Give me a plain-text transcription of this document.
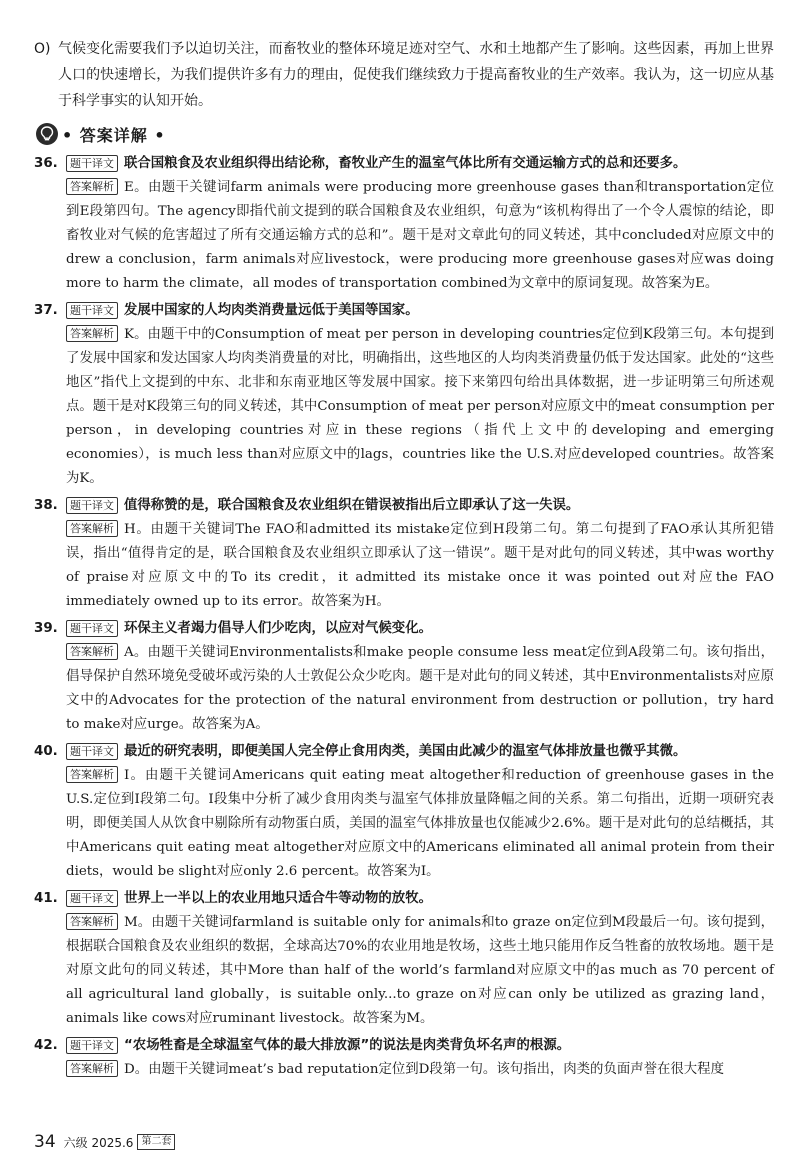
O) 气候变化需要我们予以迫切关注，而畜牧业的整体环境足迹对空气、水和土地都产生了影响。这些因素，再加上世界人口的快速增长，为我们提供许多有力的理由，促使我们继续致力于提高畜牧业的生产效率。我认为，这一切应从基于科学事实的认知开始。
• 答案详解 •
36.	题干译文 联合国粮食及农业组织得出结论称，畜牧业产生的温室气体比所有交通运输方式的总和还要多。
答案解析 E。由题干关键词farm animals were producing more greenhouse gases than和transportation定位到E段第四句。The agency即指代前文提到的联合国粮食及农业组织，句意为“该机构得出了一个令人震惊的结论，即畜牧业对气候的危害超过了所有交通运输方式的总和”。题干是对文章此句的同义转述，其中concluded对应原文中的drew a conclusion，farm animals对应livestock，were producing more greenhouse gases对应was doing more to harm the climate，all modes of transportation combined为文章中的原词复现。故答案为E。
37.	题干译文 发展中国家的人均肉类消费量远低于美国等国家。
答案解析 K。由题干中的Consumption of meat per person in developing countries定位到K段第三句。本句提到了发展中国家和发达国家人均肉类消费量的对比，明确指出，这些地区的人均肉类消费量仍低于发达国家。此处的“这些地区”指代上文提到的中东、北非和东南亚地区等发展中国家。接下来第四句给出具体数据，进一步证明第三句所述观点。题干是对K段第三句的同义转述，其中Consumption of meat per person对应原文中的meat consumption per person，in developing countries对应in these regions（指代上文中的developing and emerging economies），is much less than对应原文中的lags，countries like the U.S.对应developed countries。故答案为K。
38.	题干译文 值得称赞的是，联合国粮食及农业组织在错误被指出后立即承认了这一失误。
答案解析 H。由题干关键词The FAO和admitted its mistake定位到H段第二句。第二句提到了FAO承认其所犯错误，指出“值得肯定的是，联合国粮食及农业组织立即承认了这一错误”。题干是对此句的同义转述，其中was worthy of praise对应原文中的To its credit，it admitted its mistake once it was pointed out对应the FAO immediately owned up to its error。故答案为H。
39.	题干译文 环保主义者竭力倡导人们少吃肉，以应对气候变化。
答案解析 A。由题干关键词Environmentalists和make people consume less meat定位到A段第二句。该句指出，倡导保护自然环境免受破坏或污染的人士敦促公众少吃肉。题干是对此句的同义转述，其中Environmentalists对应原文中的Advocates for the protection of the natural environment from destruction or pollution，try hard to make对应urge。故答案为A。
40.	题干译文 最近的研究表明，即便美国人完全停止食用肉类，美国由此减少的温室气体排放量也微乎其微。
答案解析 I。由题干关键词Americans quit eating meat altogether和reduction of greenhouse gases in the U.S.定位到I段第二句。I段集中分析了减少食用肉类与温室气体排放量降幅之间的关系。第二句指出，近期一项研究表明，即便美国人从饮食中剔除所有动物蛋白质，美国的温室气体排放量也仅能减少2.6%。题干是对此句的总结概括，其中Americans quit eating meat altogether对应原文中的Americans eliminated all animal protein from their diets，would be slight对应only 2.6 percent。故答案为I。
41.	题干译文 世界上一半以上的农业用地只适合牛等动物的放牧。
答案解析 M。由题干关键词farmland is suitable only for animals和to graze on定位到M段最后一句。该句提到，根据联合国粮食及农业组织的数据，全球高达70%的农业用地是牧场，这些土地只能用作反刍牲畜的放牧场地。题干是对原文此句的同义转述，其中More than half of the world’s farmland对应原文中的as much as 70 percent of all agricultural land globally，is suitable only...to graze on对应can only be utilized as grazing land，animals like cows对应ruminant livestock。故答案为M。
42.	题干译文 “农场牲畜是全球温室气体的最大排放源”的说法是肉类背负坏名声的根源。
答案解析 D。由题干关键词meat’s bad reputation定位到D段第一句。该句指出，肉类的负面声誉在很大程度
34 六级 2025.6 第二套
